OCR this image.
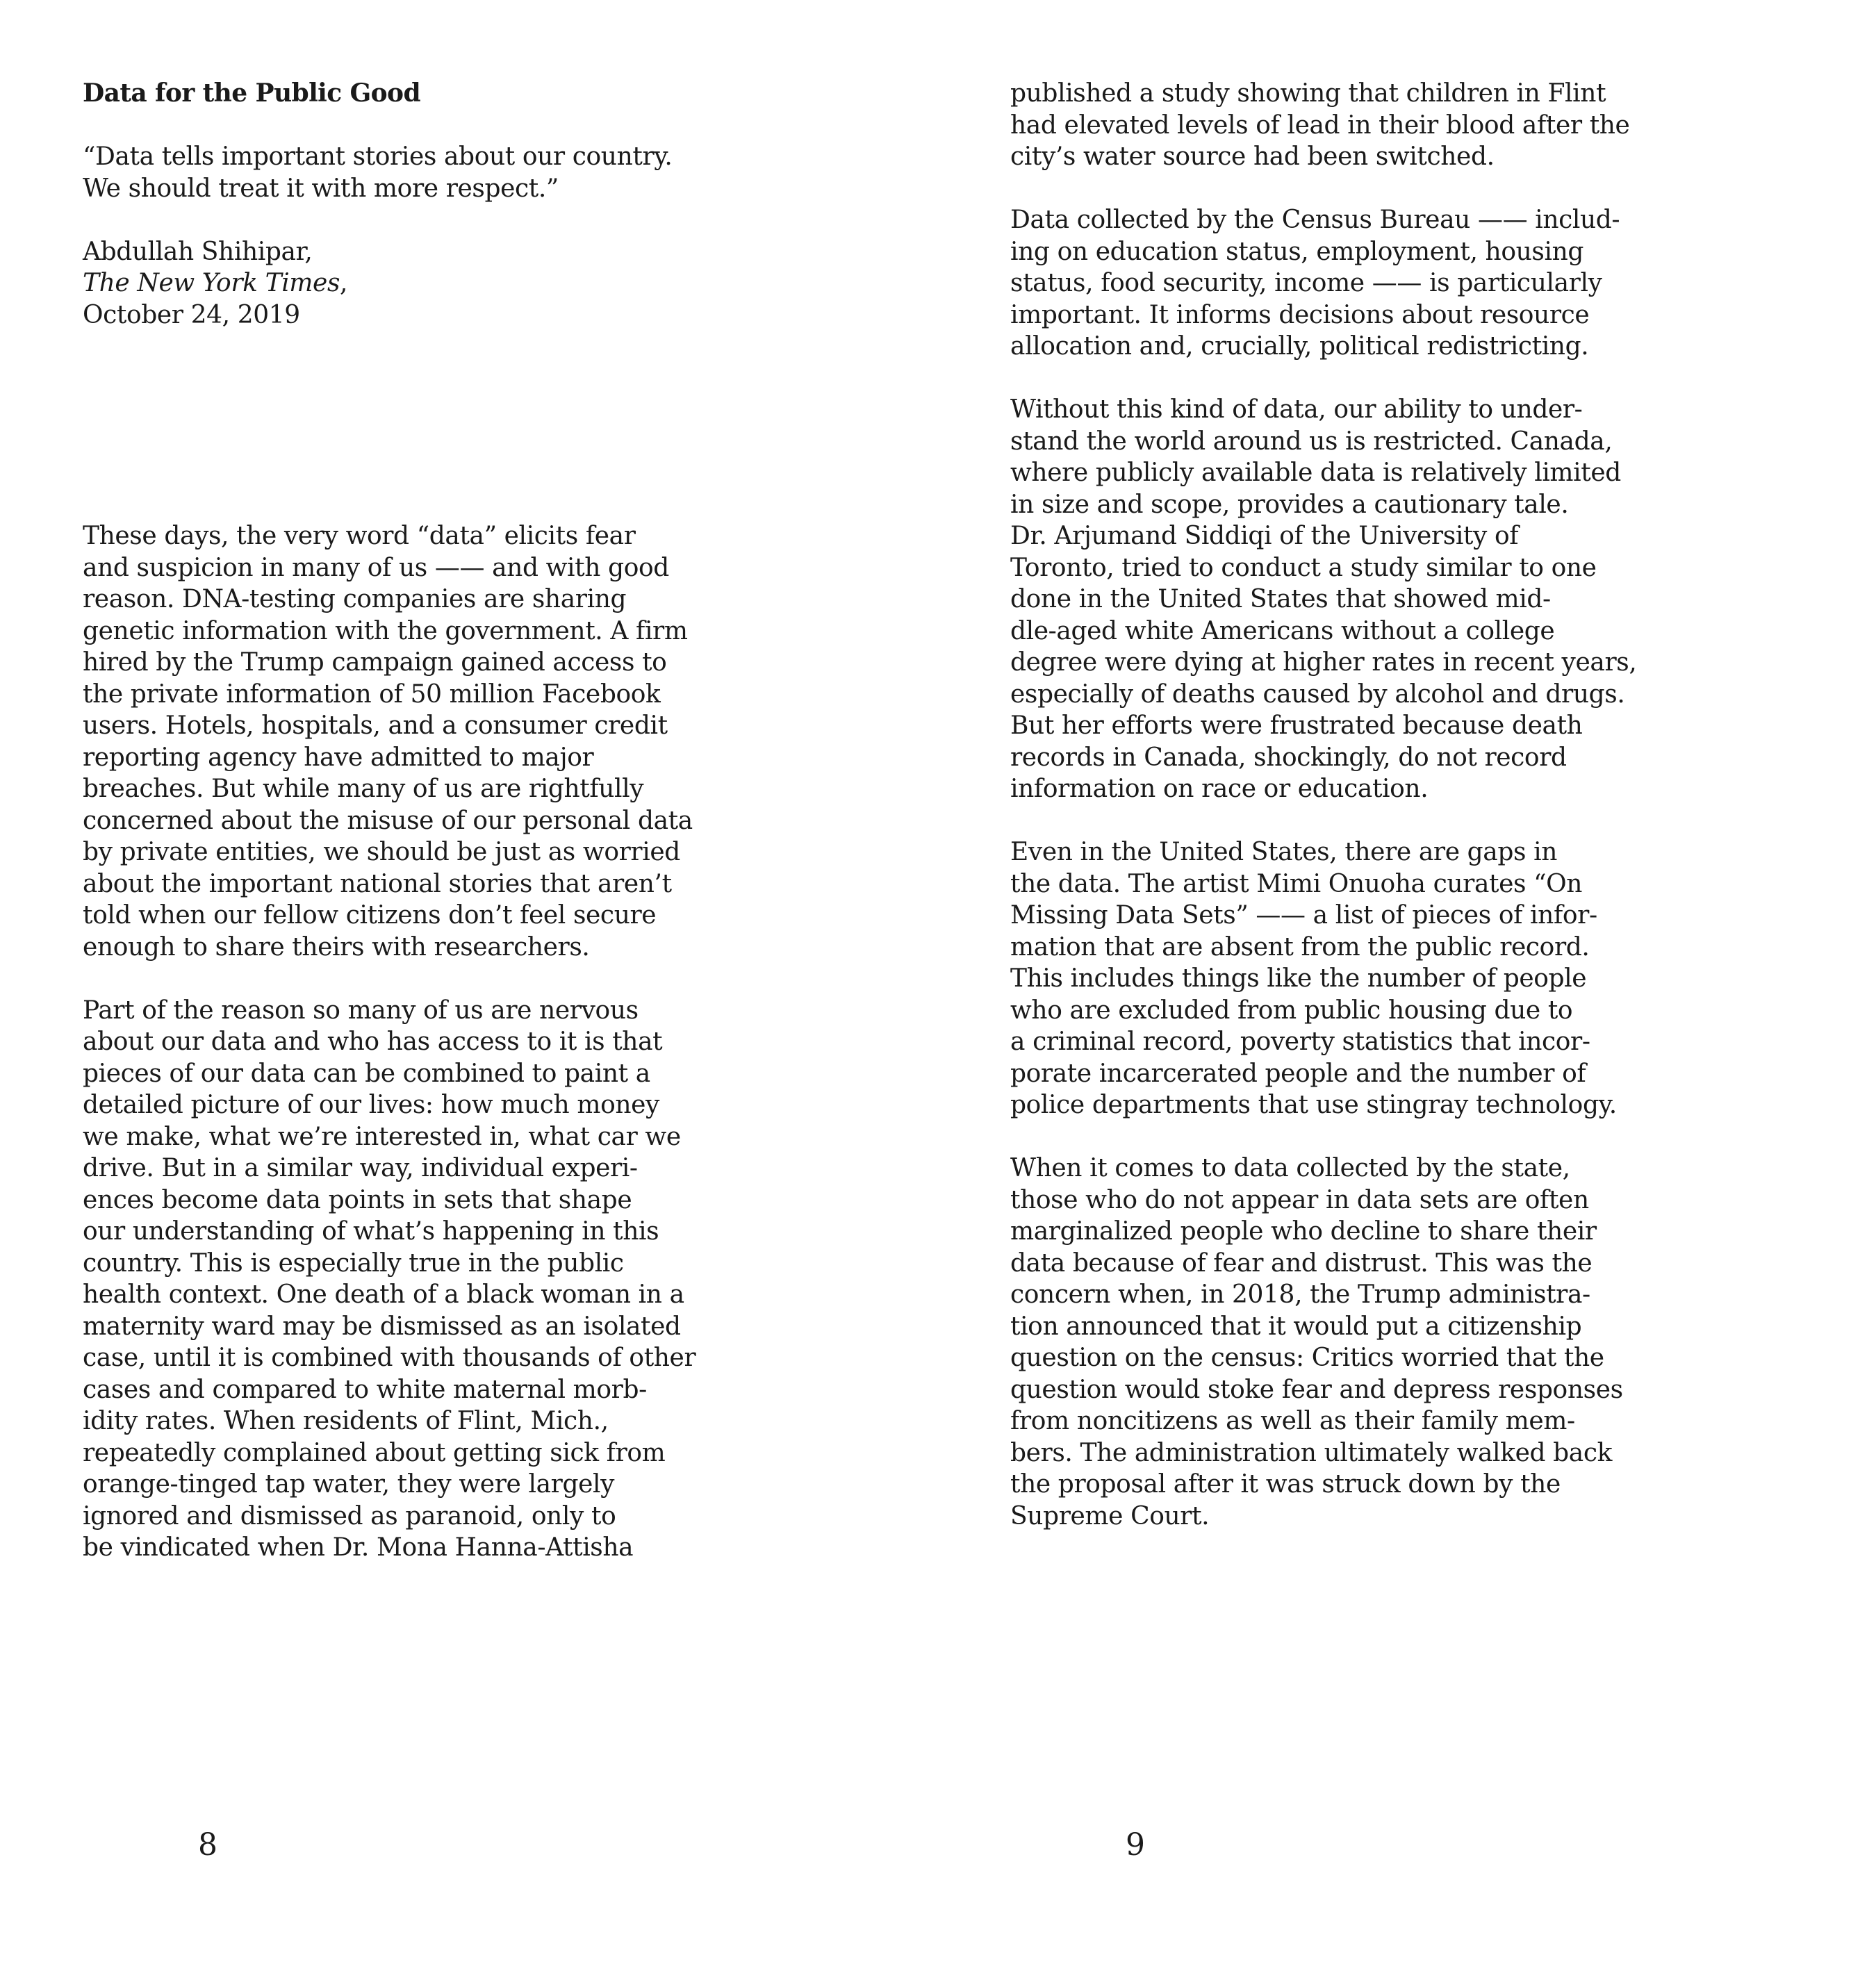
Data for the Public Good
“Data tells important stories about our country.
We should treat it with more respect.”
Abdullah Shihipar,
The New York Times,
October 24, 2019
These days, the very word “data” elicits fear
and suspicion in many of us —— and with good
reason. DNA-testing companies are sharing
genetic information with the government. A firm
hired by the Trump campaign gained access to
the private information of 50 million Facebook
users. Hotels, hospitals, and a consumer credit
reporting agency have admitted to major
breaches. But while many of us are rightfully
concerned about the misuse of our personal data
by private entities, we should be just as worried
about the important national stories that aren’t
told when our fellow citizens don’t feel secure
enough to share theirs with researchers.
Part of the reason so many of us are nervous
about our data and who has access to it is that
pieces of our data can be combined to paint a
detailed picture of our lives: how much money
we make, what we’re interested in, what car we
drive. But in a similar way, individual experi-
ences become data points in sets that shape
our understanding of what’s happening in this
country. This is especially true in the public
health context. One death of a black woman in a
maternity ward may be dismissed as an isolated
case, until it is combined with thousands of other
cases and compared to white maternal morb-
idity rates. When residents of Flint, Mich.,
repeatedly complained about getting sick from
orange-tinged tap water, they were largely
ignored and dismissed as paranoid, only to
be vindicated when Dr. Mona Hanna-Attisha
8
published a study showing that children in Flint
had elevated levels of lead in their blood after the
city’s water source had been switched.
Data collected by the Census Bureau —— includ-
ing on education status, employment, housing
status, food security, income —— is particularly
important. It informs decisions about resource
allocation and, crucially, political redistricting.
Without this kind of data, our ability to under-
stand the world around us is restricted. Canada,
where publicly available data is relatively limited
in size and scope, provides a cautionary tale.
Dr. Arjumand Siddiqi of the University of
Toronto, tried to conduct a study similar to one
done in the United States that showed mid-
dle-aged white Americans without a college
degree were dying at higher rates in recent years,
especially of deaths caused by alcohol and drugs.
But her efforts were frustrated because death
records in Canada, shockingly, do not record
information on race or education.
Even in the United States, there are gaps in
the data. The artist Mimi Onuoha curates “On
Missing Data Sets” —— a list of pieces of infor-
mation that are absent from the public record.
This includes things like the number of people
who are excluded from public housing due to
a criminal record, poverty statistics that incor-
porate incarcerated people and the number of
police departments that use stingray technology.
When it comes to data collected by the state,
those who do not appear in data sets are often
marginalized people who decline to share their
data because of fear and distrust. This was the
concern when, in 2018, the Trump administra-
tion announced that it would put a citizenship
question on the census: Critics worried that the
question would stoke fear and depress responses
from noncitizens as well as their family mem-
bers. The administration ultimately walked back
the proposal after it was struck down by the
Supreme Court.
9
